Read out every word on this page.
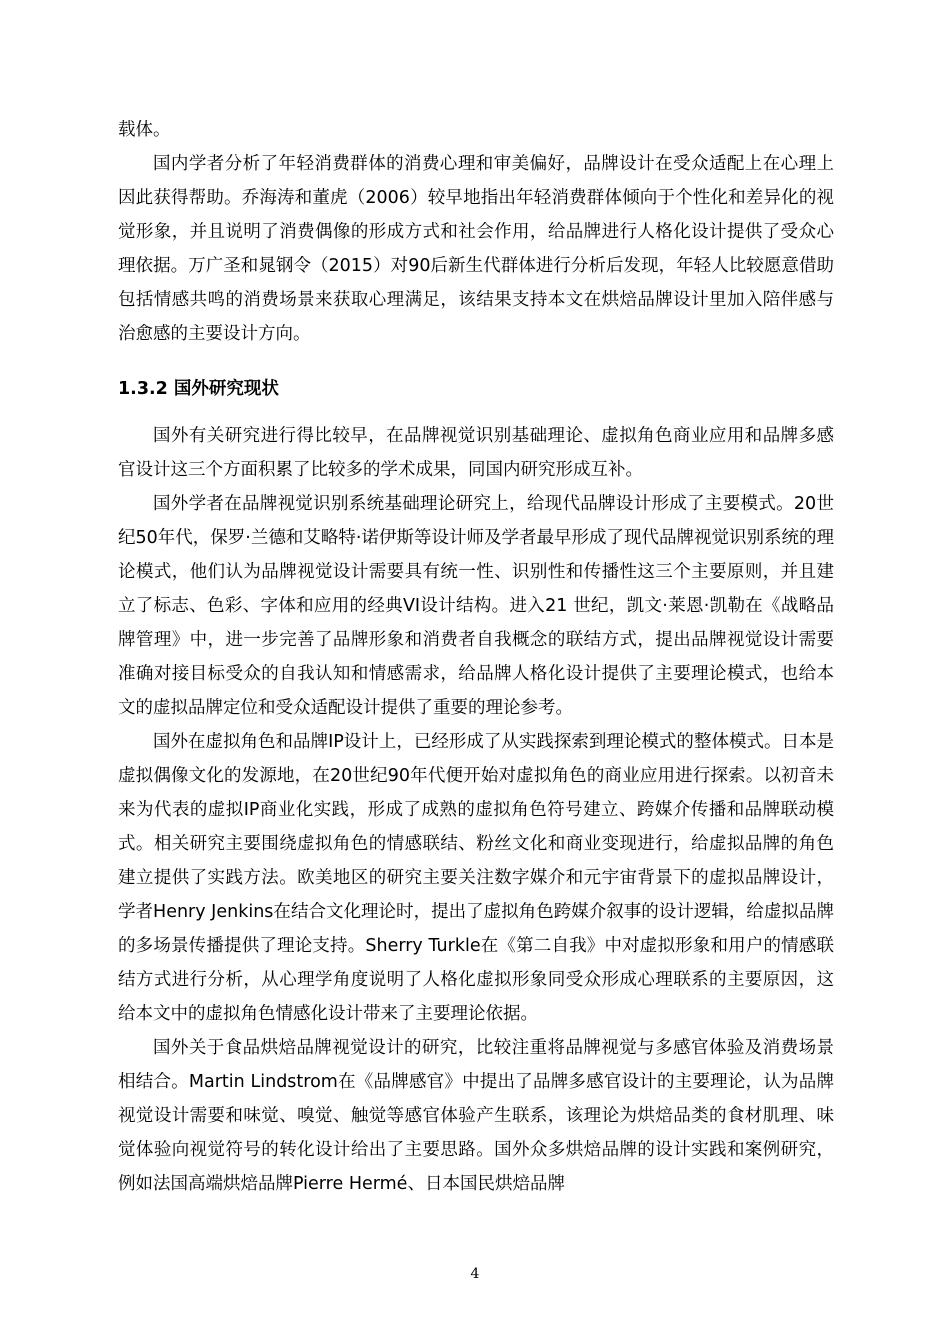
载体。

国内学者分析了年轻消费群体的消费心理和审美偏好，品牌设计在受众适配上在心理上因此获得帮助。乔海涛和董虎（2006）较早地指出年轻消费群体倾向于个性化和差异化的视觉形象，并且说明了消费偶像的形成方式和社会作用，给品牌进行人格化设计提供了受众心理依据。万广圣和晁钢令（2015）对90后新生代群体进行分析后发现，年轻人比较愿意借助包括情感共鸣的消费场景来获取心理满足，该结果支持本文在烘焙品牌设计里加入陪伴感与治愈感的主要设计方向。

1.3.2 国外研究现状

国外有关研究进行得比较早，在品牌视觉识别基础理论、虚拟角色商业应用和品牌多感官设计这三个方面积累了比较多的学术成果，同国内研究形成互补。

国外学者在品牌视觉识别系统基础理论研究上，给现代品牌设计形成了主要模式。20世纪50年代，保罗·兰德和艾略特·诺伊斯等设计师及学者最早形成了现代品牌视觉识别系统的理论模式，他们认为品牌视觉设计需要具有统一性、识别性和传播性这三个主要原则，并且建立了标志、色彩、字体和应用的经典VI设计结构。进入21 世纪，凯文·莱恩·凯勒在《战略品牌管理》中，进一步完善了品牌形象和消费者自我概念的联结方式，提出品牌视觉设计需要准确对接目标受众的自我认知和情感需求，给品牌人格化设计提供了主要理论模式，也给本文的虚拟品牌定位和受众适配设计提供了重要的理论参考。

国外在虚拟角色和品牌IP设计上，已经形成了从实践探索到理论模式的整体模式。日本是虚拟偶像文化的发源地，在20世纪90年代便开始对虚拟角色的商业应用进行探索。以初音未来为代表的虚拟IP商业化实践，形成了成熟的虚拟角色符号建立、跨媒介传播和品牌联动模式。相关研究主要围绕虚拟角色的情感联结、粉丝文化和商业变现进行，给虚拟品牌的角色建立提供了实践方法。欧美地区的研究主要关注数字媒介和元宇宙背景下的虚拟品牌设计，学者Henry Jenkins在结合文化理论时，提出了虚拟角色跨媒介叙事的设计逻辑，给虚拟品牌的多场景传播提供了理论支持。Sherry Turkle在《第二自我》中对虚拟形象和用户的情感联结方式进行分析，从心理学角度说明了人格化虚拟形象同受众形成心理联系的主要原因，这给本文中的虚拟角色情感化设计带来了主要理论依据。

国外关于食品烘焙品牌视觉设计的研究，比较注重将品牌视觉与多感官体验及消费场景相结合。Martin Lindstrom在《品牌感官》中提出了品牌多感官设计的主要理论，认为品牌视觉设计需要和味觉、嗅觉、触觉等感官体验产生联系，该理论为烘焙品类的食材肌理、味觉体验向视觉符号的转化设计给出了主要思路。国外众多烘焙品牌的设计实践和案例研究，例如法国高端烘焙品牌Pierre Hermé、日本国民烘焙品牌

4
